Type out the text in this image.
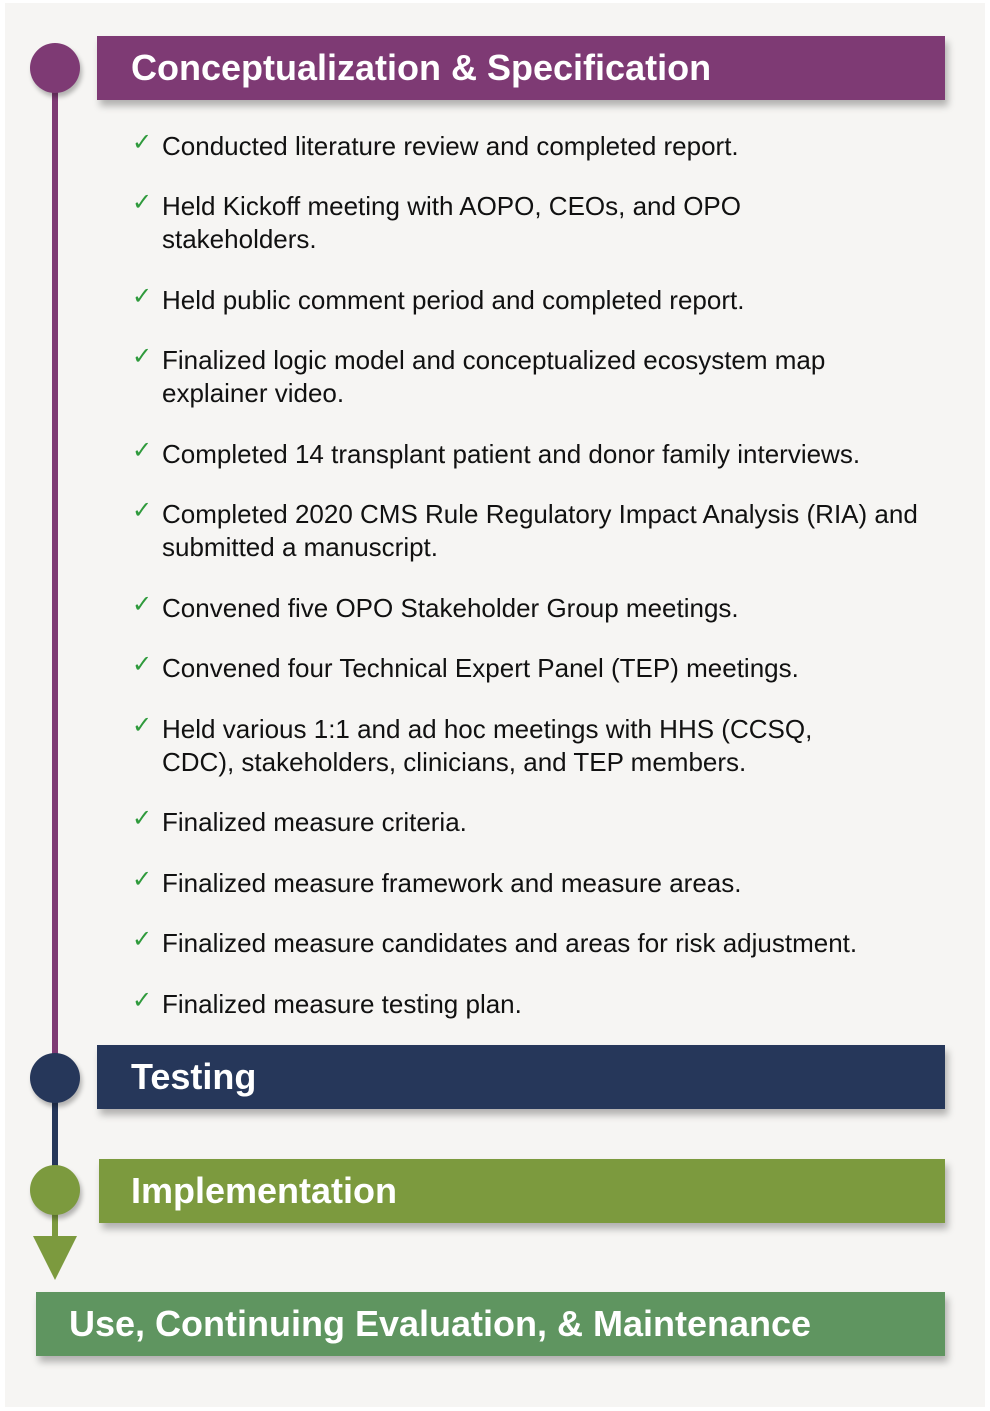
Conceptualization & Specification
✓ Conducted literature review and completed report.
✓ Held Kickoff meeting with AOPO, CEOs, and OPO stakeholders.
✓ Held public comment period and completed report.
✓ Finalized logic model and conceptualized ecosystem map explainer video.
✓ Completed 14 transplant patient and donor family interviews.
✓ Completed 2020 CMS Rule Regulatory Impact Analysis (RIA) and submitted a manuscript.
✓ Convened five OPO Stakeholder Group meetings.
✓ Convened four Technical Expert Panel (TEP) meetings.
✓ Held various 1:1 and ad hoc meetings with HHS (CCSQ, CDC), stakeholders, clinicians, and TEP members.
✓ Finalized measure criteria.
✓ Finalized measure framework and measure areas.
✓ Finalized measure candidates and areas for risk adjustment.
✓ Finalized measure testing plan.
Testing
Implementation
Use, Continuing Evaluation, & Maintenance
